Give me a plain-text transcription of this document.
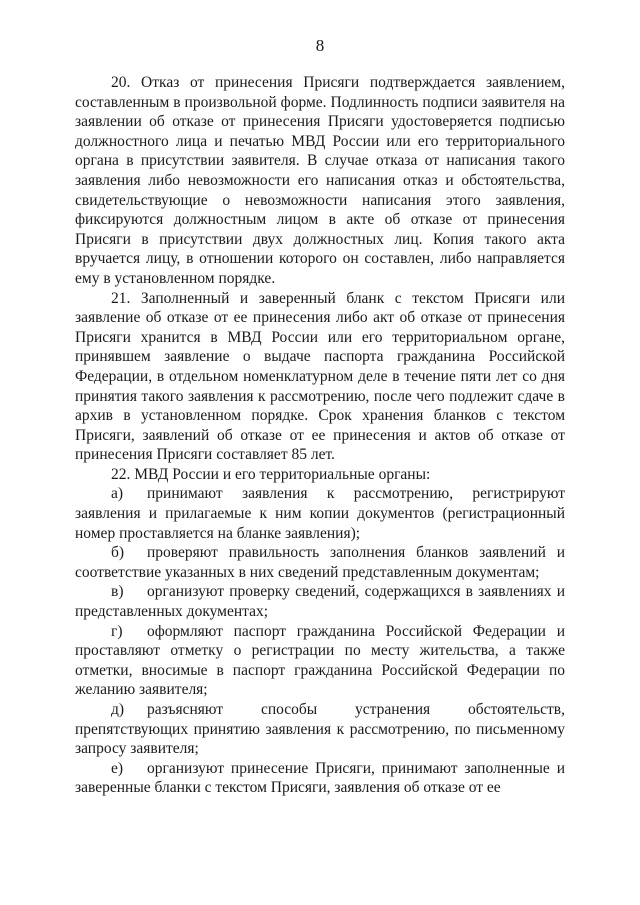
8

20. Отказ от принесения Присяги подтверждается заявлением, составленным в произвольной форме. Подлинность подписи заявителя на заявлении об отказе от принесения Присяги удостоверяется подписью должностного лица и печатью МВД России или его территориального органа в присутствии заявителя. В случае отказа от написания такого заявления либо невозможности его написания отказ и обстоятельства, свидетельствующие о невозможности написания этого заявления, фиксируются должностным лицом в акте об отказе от принесения Присяги в присутствии двух должностных лиц. Копия такого акта вручается лицу, в отношении которого он составлен, либо направляется ему в установленном порядке.

21. Заполненный и заверенный бланк с текстом Присяги или заявление об отказе от ее принесения либо акт об отказе от принесения Присяги хранится в МВД России или его территориальном органе, принявшем заявление о выдаче паспорта гражданина Российской Федерации, в отдельном номенклатурном деле в течение пяти лет со дня принятия такого заявления к рассмотрению, после чего подлежит сдаче в архив в установленном порядке. Срок хранения бланков с текстом Присяги, заявлений об отказе от ее принесения и актов об отказе от принесения Присяги составляет 85 лет.

22. МВД России и его территориальные органы:

а) принимают заявления к рассмотрению, регистрируют заявления и прилагаемые к ним копии документов (регистрационный номер проставляется на бланке заявления);

б) проверяют правильность заполнения бланков заявлений и соответствие указанных в них сведений представленным документам;

в) организуют проверку сведений, содержащихся в заявлениях и представленных документах;

г) оформляют паспорт гражданина Российской Федерации и проставляют отметку о регистрации по месту жительства, а также отметки, вносимые в паспорт гражданина Российской Федерации по желанию заявителя;

д) разъясняют способы устранения обстоятельств, препятствующих принятию заявления к рассмотрению, по письменному запросу заявителя;

е) организуют принесение Присяги, принимают заполненные и заверенные бланки с текстом Присяги, заявления об отказе от ее
